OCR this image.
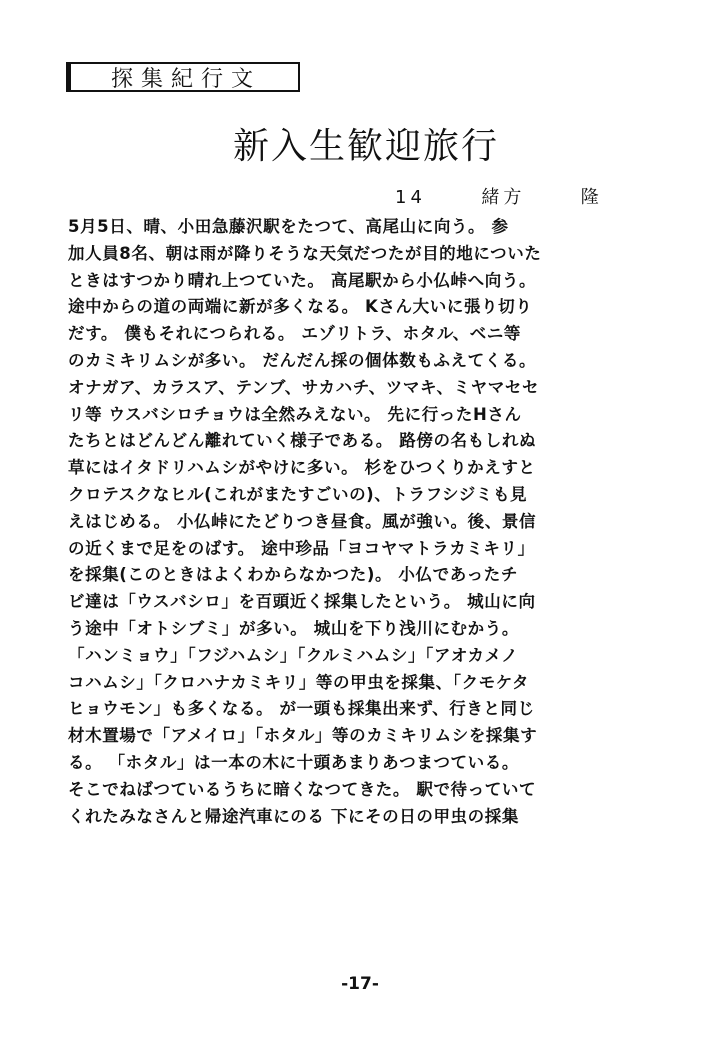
探集紀行文
新入生歓迎旅行
14  緒方  隆
5月5日、晴、小田急藤沢駅をたつて、高尾山に向う。 参
加人員8名、朝は雨が降りそうな天気だつたが目的地についた
ときはすつかり晴れ上つていた。 高尾駅から小仏峠へ向う。
途中からの道の両端に新が多くなる。 Kさん大いに張り切り
だす。 僕もそれにつられる。 エゾリトラ、ホタル、ベニ等
のカミキリムシが多い。 だんだん採の個体数もふえてくる。
オナガア、カラスア、テンブ、サカハチ、ツマキ、ミヤマセセ
リ等 ウスバシロチョウは全然みえない。 先に行ったHさん
たちとはどんどん離れていく様子である。 路傍の名もしれぬ
草にはイタドリハムシがやけに多い。 杉をひつくりかえすと
クロテスクなヒル(これがまたすごいの)、トラフシジミも見
えはじめる。 小仏峠にたどりつき昼食。風が強い。後、景信
の近くまで足をのばす。 途中珍品「ヨコヤマトラカミキリ」
を採集(このときはよくわからなかつた)。 小仏であったチ
ビ達は「ウスバシロ」を百頭近く採集したという。 城山に向
う途中「オトシブミ」が多い。 城山を下り浅川にむかう。
「ハンミョウ」「フジハムシ」「クルミハムシ」「アオカメノ
コハムシ」「クロハナカミキリ」等の甲虫を採集、「クモケタ
ヒョウモン」も多くなる。 が一頭も採集出来ず、行きと同じ
材木置場で「アメイロ」「ホタル」等のカミキリムシを採集す
る。 「ホタル」は一本の木に十頭あまりあつまつている。
そこでねばつているうちに暗くなつてきた。 駅で待っていて
くれたみなさんと帰途汽車にのる 下にその日の甲虫の採集
-17-
